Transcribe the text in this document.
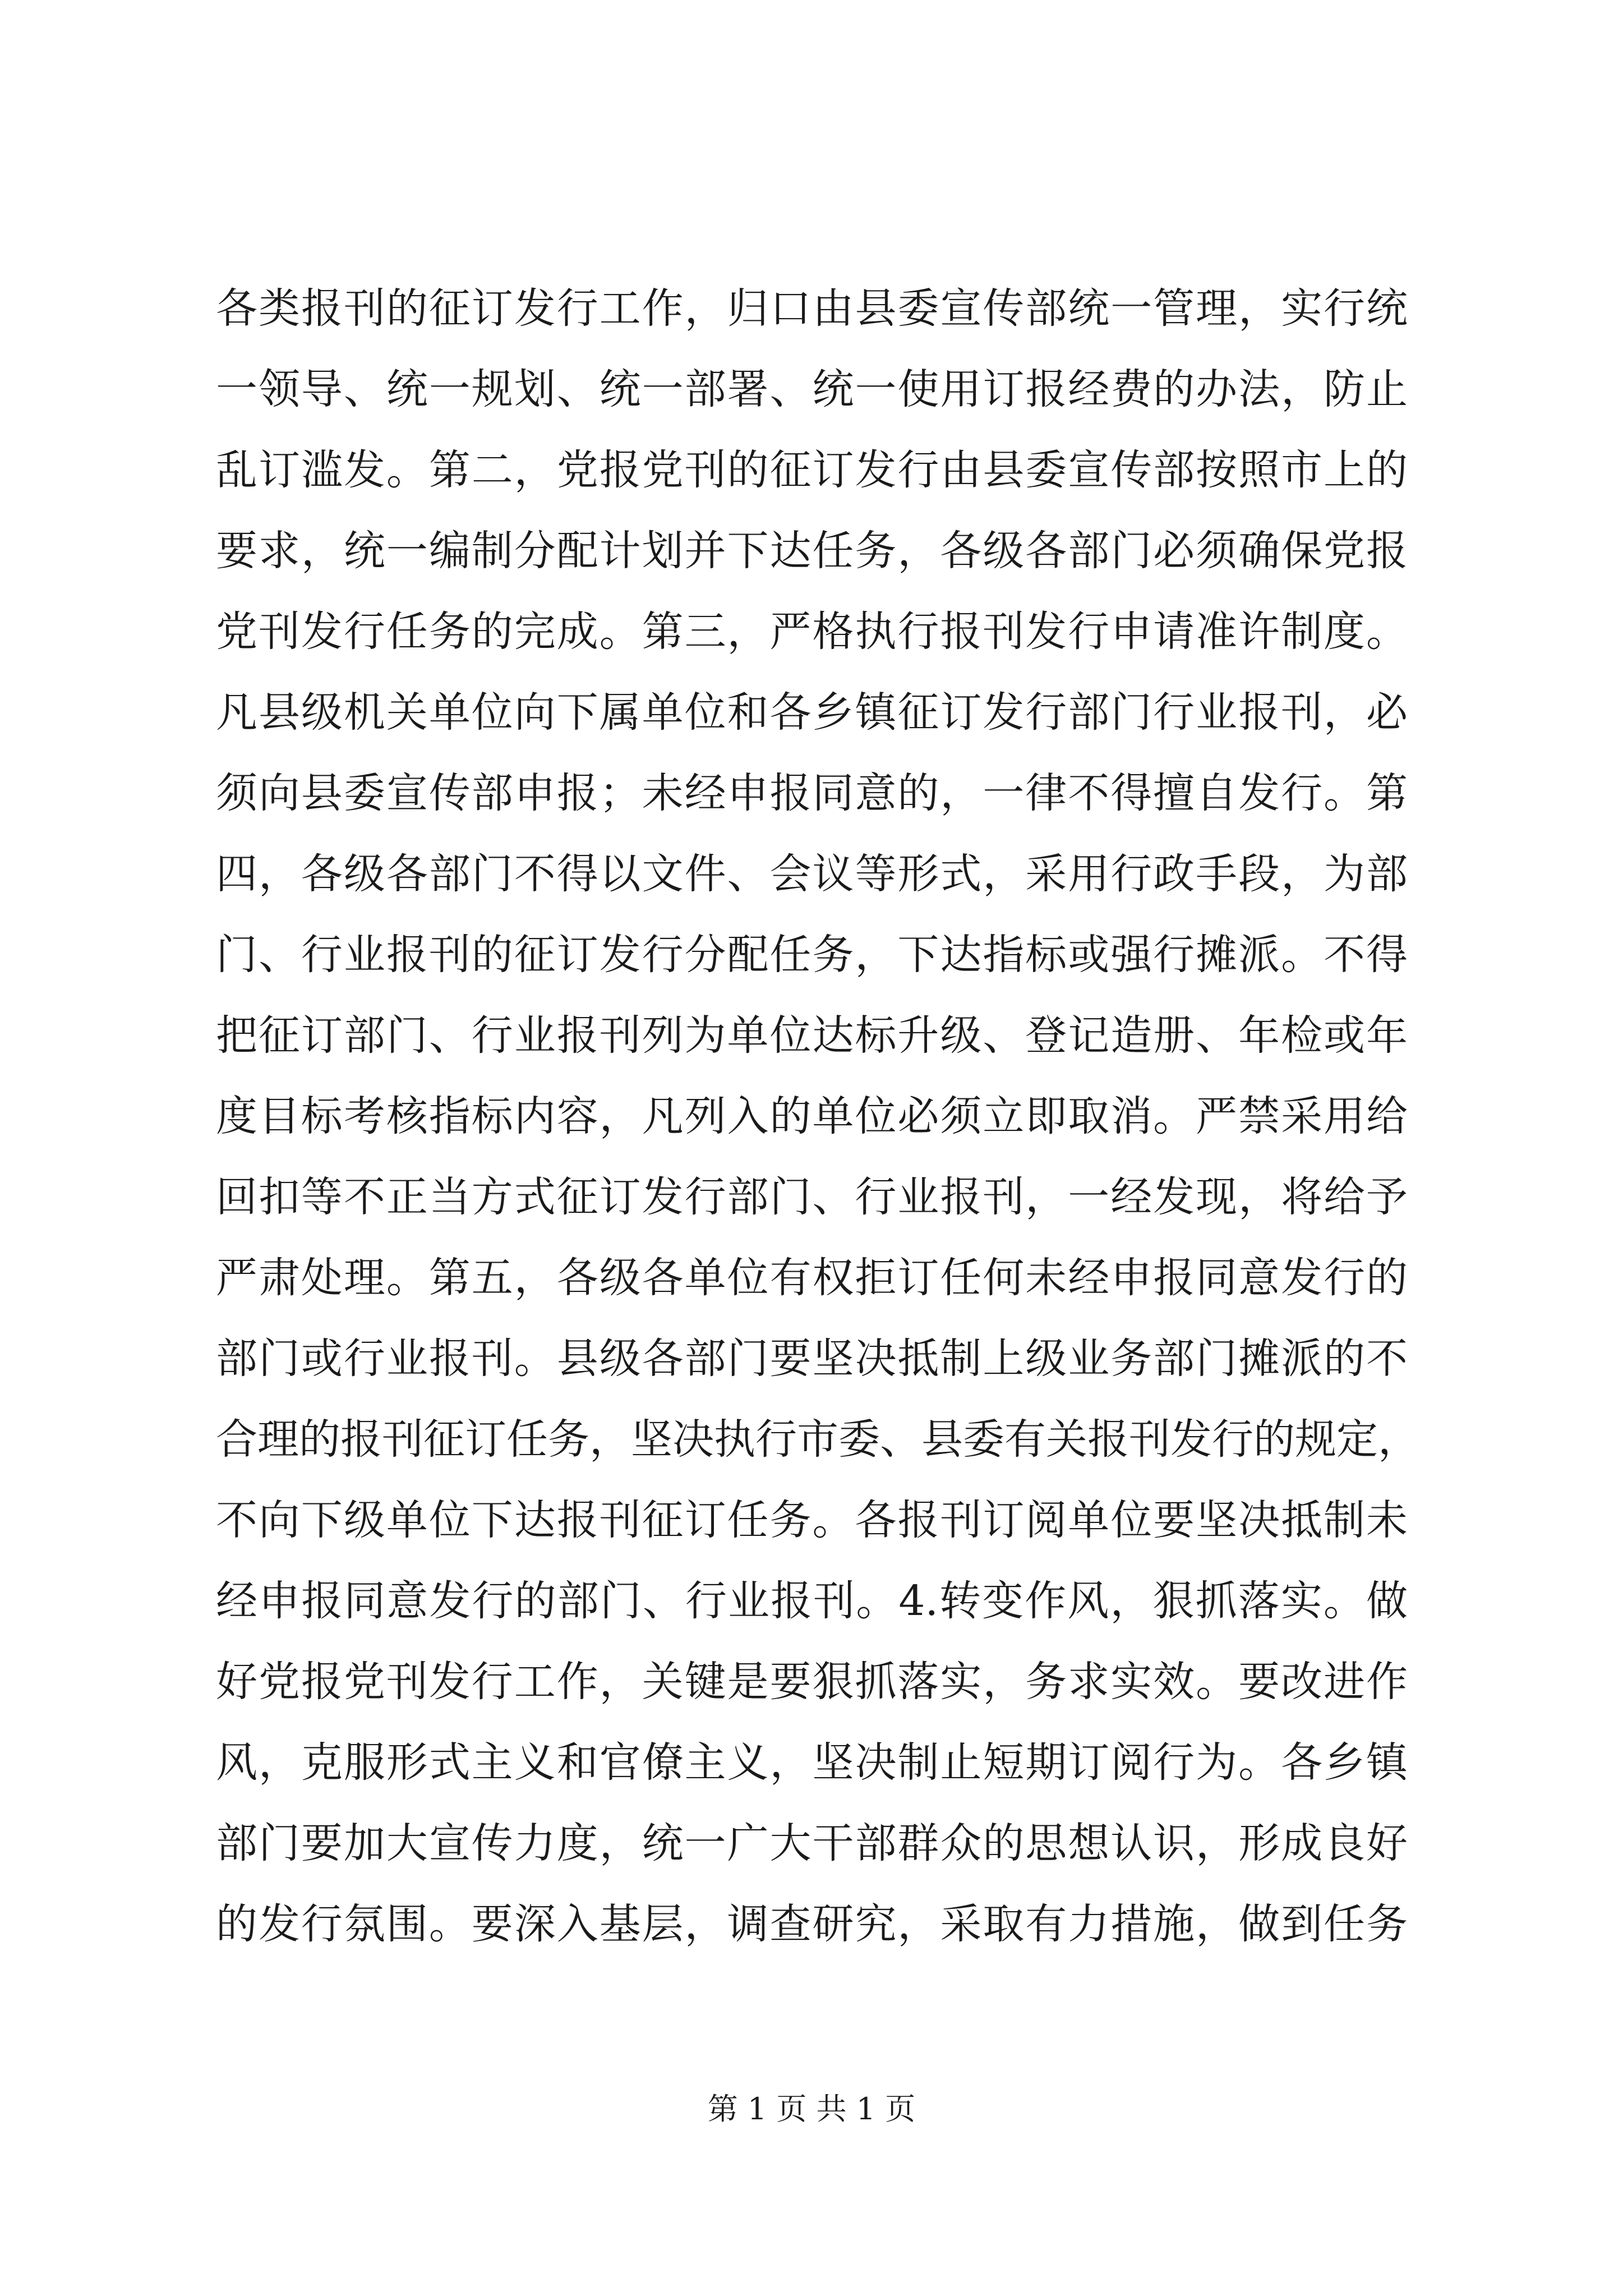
各类报刊的征订发行工作，归口由县委宣传部统一管理，实行统
一领导、统一规划、统一部署、统一使用订报经费的办法，防止
乱订滥发。第二，党报党刊的征订发行由县委宣传部按照市上的
要求，统一编制分配计划并下达任务，各级各部门必须确保党报
党刊发行任务的完成。第三，严格执行报刊发行申请准许制度。
凡县级机关单位向下属单位和各乡镇征订发行部门行业报刊，必
须向县委宣传部申报；未经申报同意的，一律不得擅自发行。第
四，各级各部门不得以文件、会议等形式，采用行政手段，为部
门、行业报刊的征订发行分配任务，下达指标或强行摊派。不得
把征订部门、行业报刊列为单位达标升级、登记造册、年检或年
度目标考核指标内容，凡列入的单位必须立即取消。严禁采用给
回扣等不正当方式征订发行部门、行业报刊，一经发现，将给予
严肃处理。第五，各级各单位有权拒订任何未经申报同意发行的
部门或行业报刊。县级各部门要坚决抵制上级业务部门摊派的不
合理的报刊征订任务，坚决执行市委、县委有关报刊发行的规定，
不向下级单位下达报刊征订任务。各报刊订阅单位要坚决抵制未
经申报同意发行的部门、行业报刊。4.转变作风，狠抓落实。做
好党报党刊发行工作，关键是要狠抓落实，务求实效。要改进作
风，克服形式主义和官僚主义，坚决制止短期订阅行为。各乡镇
部门要加大宣传力度，统一广大干部群众的思想认识，形成良好
的发行氛围。要深入基层，调查研究，采取有力措施，做到任务
第 1 页 共 1 页
